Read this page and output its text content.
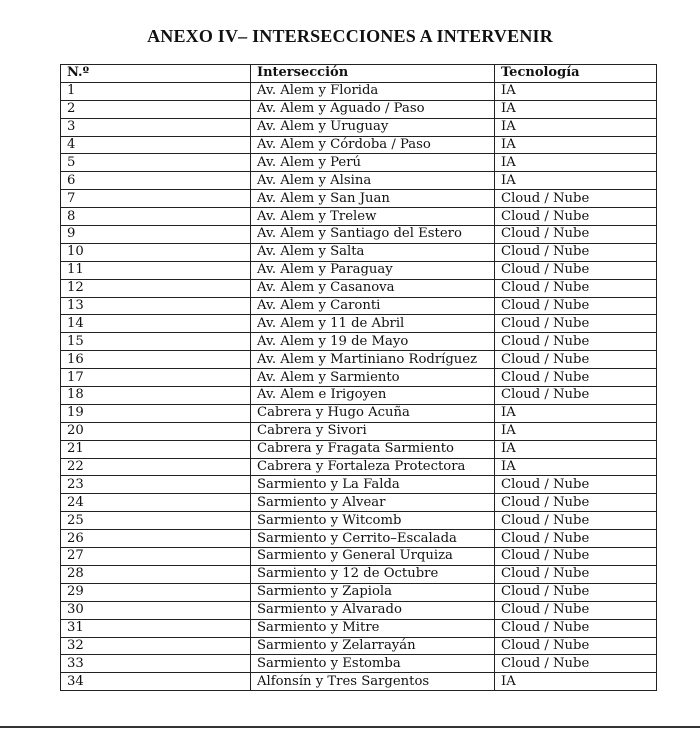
ANEXO IV– INTERSECCIONES A INTERVENIR
N.º	Intersección	Tecnología
1	Av. Alem y Florida	IA
2	Av. Alem y Aguado / Paso	IA
3	Av. Alem y Uruguay	IA
4	Av. Alem y Córdoba / Paso	IA
5	Av. Alem y Perú	IA
6	Av. Alem y Alsina	IA
7	Av. Alem y San Juan	Cloud / Nube
8	Av. Alem y Trelew	Cloud / Nube
9	Av. Alem y Santiago del Estero	Cloud / Nube
10	Av. Alem y Salta	Cloud / Nube
11	Av. Alem y Paraguay	Cloud / Nube
12	Av. Alem y Casanova	Cloud / Nube
13	Av. Alem y Caronti	Cloud / Nube
14	Av. Alem y 11 de Abril	Cloud / Nube
15	Av. Alem y 19 de Mayo	Cloud / Nube
16	Av. Alem y Martiniano Rodríguez	Cloud / Nube
17	Av. Alem y Sarmiento	Cloud / Nube
18	Av. Alem e Irigoyen	Cloud / Nube
19	Cabrera y Hugo Acuña	IA
20	Cabrera y Sivori	IA
21	Cabrera y Fragata Sarmiento	IA
22	Cabrera y Fortaleza Protectora	IA
23	Sarmiento y La Falda	Cloud / Nube
24	Sarmiento y Alvear	Cloud / Nube
25	Sarmiento y Witcomb	Cloud / Nube
26	Sarmiento y Cerrito–Escalada	Cloud / Nube
27	Sarmiento y General Urquiza	Cloud / Nube
28	Sarmiento y 12 de Octubre	Cloud / Nube
29	Sarmiento y Zapiola	Cloud / Nube
30	Sarmiento y Alvarado	Cloud / Nube
31	Sarmiento y Mitre	Cloud / Nube
32	Sarmiento y Zelarrayán	Cloud / Nube
33	Sarmiento y Estomba	Cloud / Nube
34	Alfonsín y Tres Sargentos	IA
